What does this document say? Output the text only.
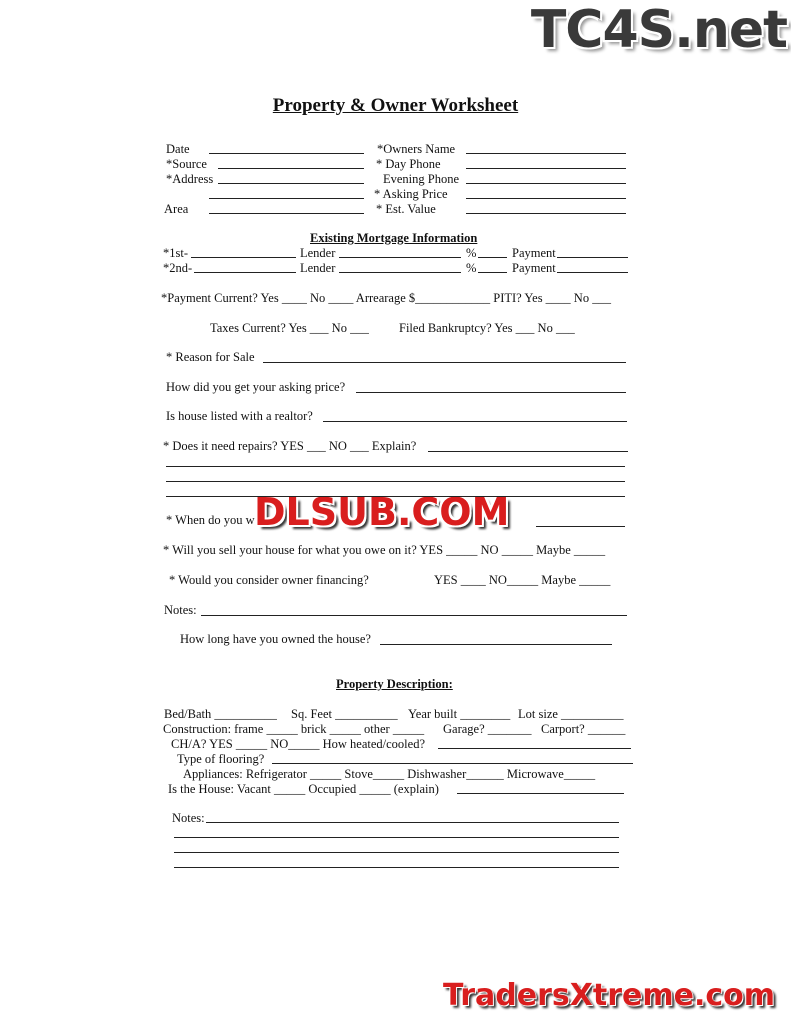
TC4S.net
DLSUB.COM
TradersXtreme.com
Property & Owner Worksheet
Date	*Owners Name
*Source	* Day Phone
*Address	Evening Phone
* Asking Price
Area	* Est. Value
Existing Mortgage Information
*1st-	Lender	%	Payment
*2nd-	Lender	%	Payment
*Payment Current? Yes ____ No ____ Arrearage $____________ PITI? Yes ____ No ___
Taxes Current? Yes ___ No ___ Filed Bankruptcy? Yes ___ No ___
* Reason for Sale
How did you get your asking price?
Is house listed with a realtor?
* Does it need repairs? YES ___ NO ___ Explain?
* When do you w
* Will you sell your house for what you owe on it? YES _____ NO _____ Maybe _____
* Would you consider owner financing?	YES ____ NO_____ Maybe _____
Notes:
How long have you owned the house?
Property Description:
Bed/Bath __________ Sq. Feet __________ Year built ________ Lot size __________
Construction: frame _____ brick _____ other _____ Garage? _______ Carport? ______
CH/A? YES _____ NO_____ How heated/cooled?
Type of flooring?
Appliances: Refrigerator _____ Stove_____ Dishwasher______ Microwave_____
Is the House: Vacant _____ Occupied _____ (explain)
Notes:
